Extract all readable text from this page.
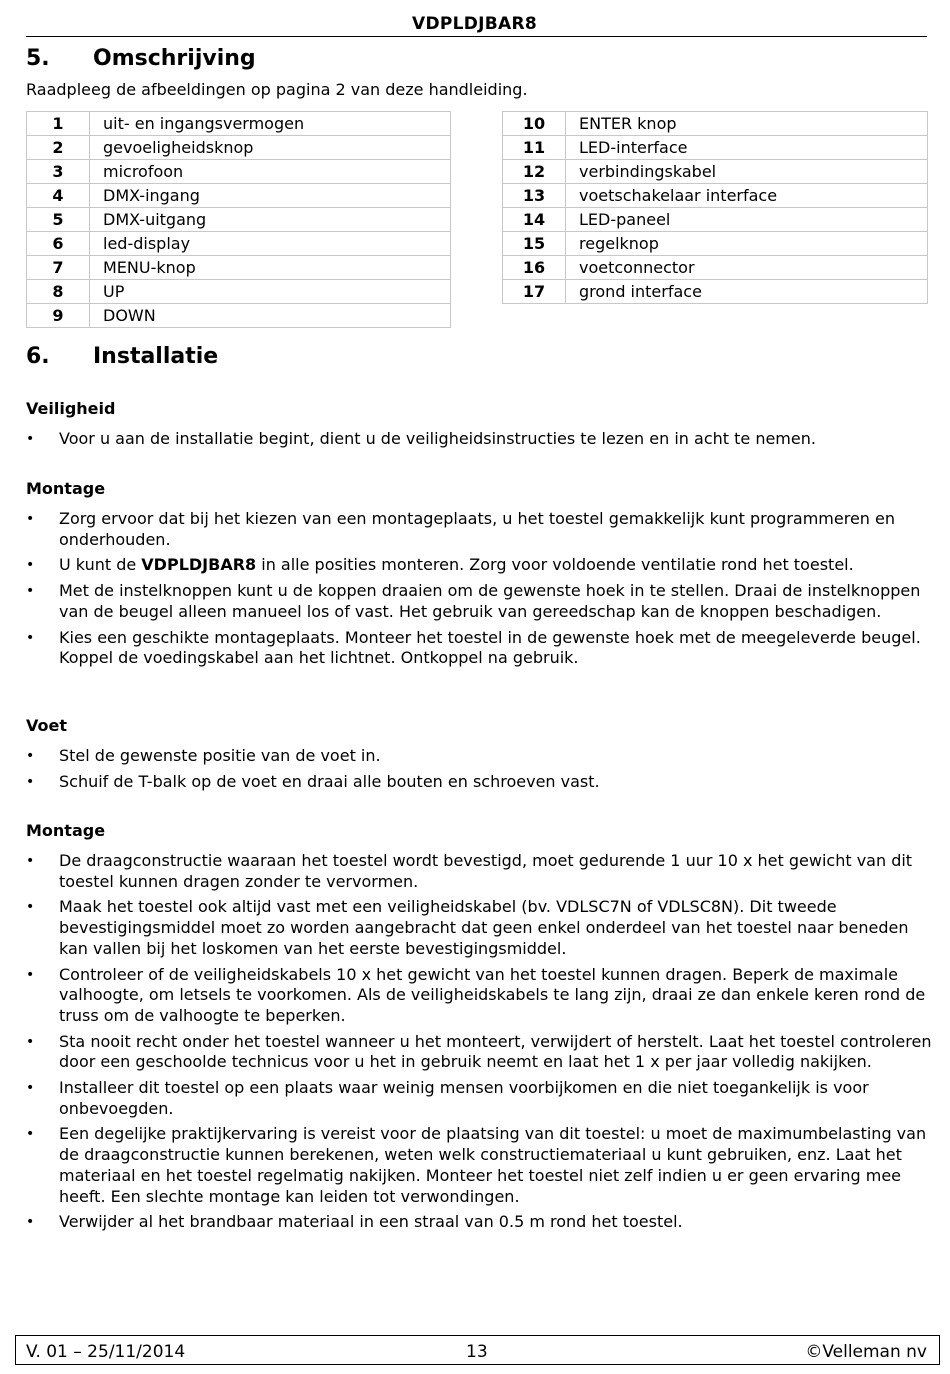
VDPLDJBAR8
5. Omschrijving
Raadpleeg de afbeeldingen op pagina 2 van deze handleiding.
1	uit- en ingangsvermogen
2	gevoeligheidsknop
3	microfoon
4	DMX-ingang
5	DMX-uitgang
6	led-display
7	MENU-knop
8	UP
9	DOWN
10	ENTER knop
11	LED-interface
12	verbindingskabel
13	voetschakelaar interface
14	LED-paneel
15	regelknop
16	voetconnector
17	grond interface
6. Installatie
Veiligheid
• Voor u aan de installatie begint, dient u de veiligheidsinstructies te lezen en in acht te nemen.
Montage
• Zorg ervoor dat bij het kiezen van een montageplaats, u het toestel gemakkelijk kunt programmeren en onderhouden.
• U kunt de VDPLDJBAR8 in alle posities monteren. Zorg voor voldoende ventilatie rond het toestel.
• Met de instelknoppen kunt u de koppen draaien om de gewenste hoek in te stellen. Draai de instelknoppen van de beugel alleen manueel los of vast. Het gebruik van gereedschap kan de knoppen beschadigen.
• Kies een geschikte montageplaats. Monteer het toestel in de gewenste hoek met de meegeleverde beugel. Koppel de voedingskabel aan het lichtnet. Ontkoppel na gebruik.
Voet
• Stel de gewenste positie van de voet in.
• Schuif de T-balk op de voet en draai alle bouten en schroeven vast.
Montage
• De draagconstructie waaraan het toestel wordt bevestigd, moet gedurende 1 uur 10 x het gewicht van dit toestel kunnen dragen zonder te vervormen.
• Maak het toestel ook altijd vast met een veiligheidskabel (bv. VDLSC7N of VDLSC8N). Dit tweede bevestigingsmiddel moet zo worden aangebracht dat geen enkel onderdeel van het toestel naar beneden kan vallen bij het loskomen van het eerste bevestigingsmiddel.
• Controleer of de veiligheidskabels 10 x het gewicht van het toestel kunnen dragen. Beperk de maximale valhoogte, om letsels te voorkomen. Als de veiligheidskabels te lang zijn, draai ze dan enkele keren rond de truss om de valhoogte te beperken.
• Sta nooit recht onder het toestel wanneer u het monteert, verwijdert of herstelt. Laat het toestel controleren door een geschoolde technicus voor u het in gebruik neemt en laat het 1 x per jaar volledig nakijken.
• Installeer dit toestel op een plaats waar weinig mensen voorbijkomen en die niet toegankelijk is voor onbevoegden.
• Een degelijke praktijkervaring is vereist voor de plaatsing van dit toestel: u moet de maximumbelasting van de draagconstructie kunnen berekenen, weten welk constructiemateriaal u kunt gebruiken, enz. Laat het materiaal en het toestel regelmatig nakijken. Monteer het toestel niet zelf indien u er geen ervaring mee heeft. Een slechte montage kan leiden tot verwondingen.
• Verwijder al het brandbaar materiaal in een straal van 0.5 m rond het toestel.
V. 01 – 25/11/2014	13	©Velleman nv
